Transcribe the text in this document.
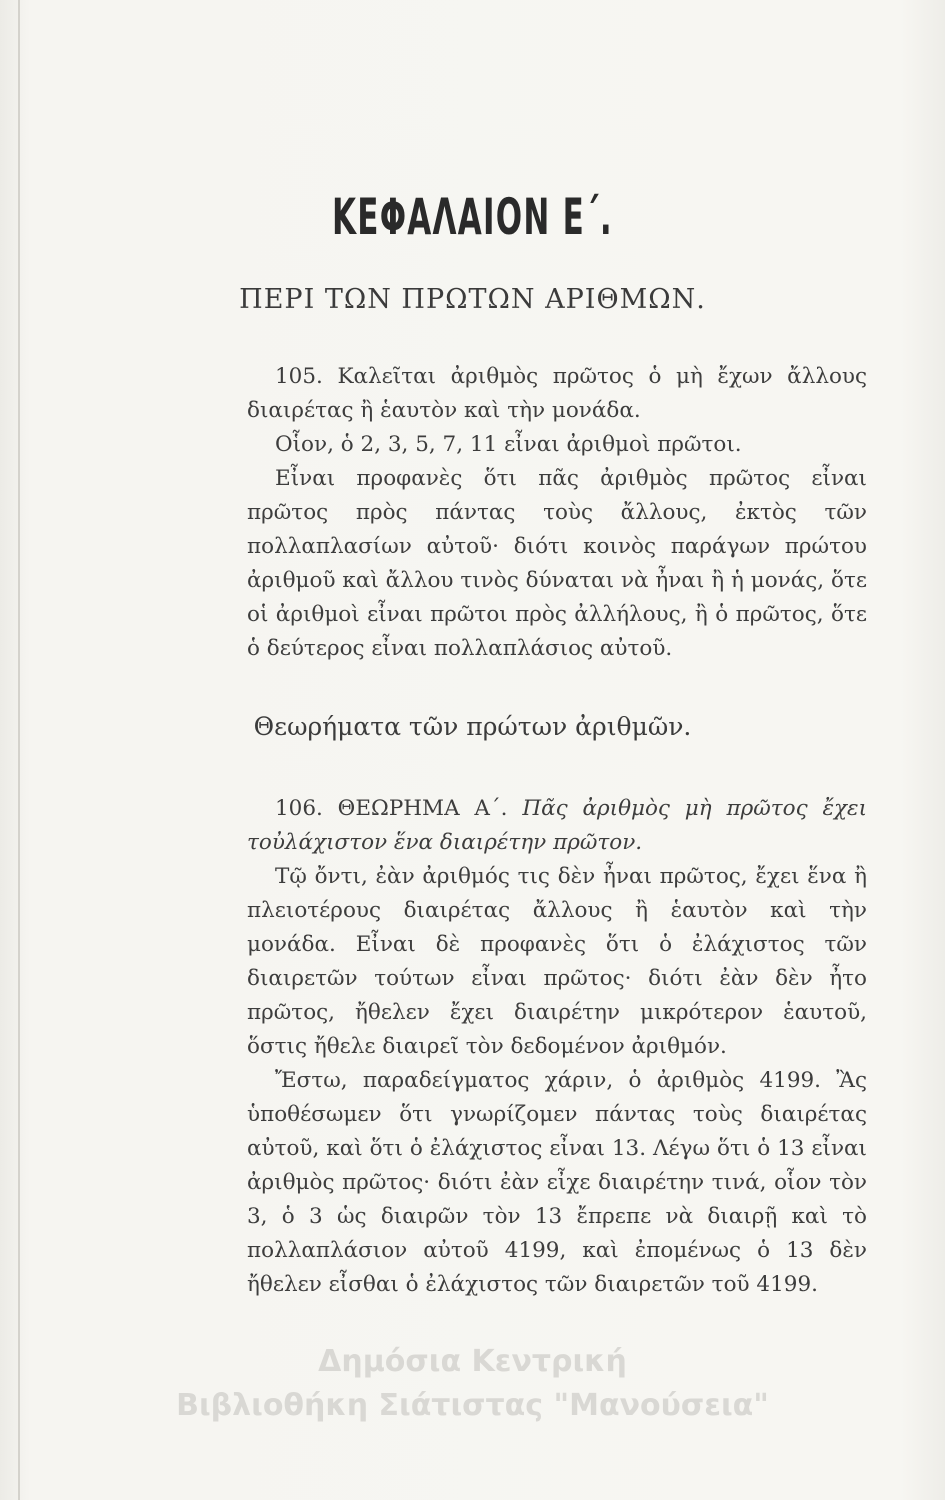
ΚΕΦΑΛΑΙΟΝ Ε΄.
ΠΕΡΙ ΤΩΝ ΠΡΩΤΩΝ ΑΡΙΘΜΩΝ.

105. Καλεῖται ἀριθμὸς πρῶτος ὁ μὴ ἔχων ἄλλους διαιρέτας ἢ ἑαυτὸν καὶ τὴν μονάδα.

Οἷον, ὁ 2, 3, 5, 7, 11 εἶναι ἀριθμοὶ πρῶτοι.

Εἶναι προφανὲς ὅτι πᾶς ἀριθμὸς πρῶτος εἶναι πρῶτος πρὸς πάντας τοὺς ἄλλους, ἐκτὸς τῶν πολλαπλασίων αὐτοῦ· διότι κοινὸς παράγων πρώτου ἀριθμοῦ καὶ ἄλλου τινὸς δύναται νὰ ἦναι ἢ ἡ μονάς, ὅτε οἱ ἀριθμοὶ εἶναι πρῶτοι πρὸς ἀλλήλους, ἢ ὁ πρῶτος, ὅτε ὁ δεύτερος εἶναι πολλαπλάσιος αὐτοῦ.

Θεωρήματα τῶν πρώτων ἀριθμῶν.

106. ΘΕΩΡΗΜΑ Α΄. Πᾶς ἀριθμὸς μὴ πρῶτος ἔχει τοὐλάχιστον ἕνα διαιρέτην πρῶτον.

Τῷ ὄντι, ἐὰν ἀριθμός τις δὲν ἦναι πρῶτος, ἔχει ἕνα ἢ πλειοτέρους διαιρέτας ἄλλους ἢ ἑαυτὸν καὶ τὴν μονάδα. Εἶναι δὲ προφανὲς ὅτι ὁ ἐλάχιστος τῶν διαιρετῶν τούτων εἶναι πρῶτος· διότι ἐὰν δὲν ἦτο πρῶτος, ἤθελεν ἔχει διαιρέτην μικρότερον ἑαυτοῦ, ὅστις ἤθελε διαιρεῖ τὸν δεδομένον ἀριθμόν.

Ἔστω, παραδείγματος χάριν, ὁ ἀριθμὸς 4199. Ἂς ὑποθέσωμεν ὅτι γνωρίζομεν πάντας τοὺς διαιρέτας αὐτοῦ, καὶ ὅτι ὁ ἐλάχιστος εἶναι 13. Λέγω ὅτι ὁ 13 εἶναι ἀριθμὸς πρῶτος· διότι ἐὰν εἶχε διαιρέτην τινά, οἷον τὸν 3, ὁ 3 ὡς διαιρῶν τὸν 13 ἔπρεπε νὰ διαιρῇ καὶ τὸ πολλαπλάσιον αὐτοῦ 4199, καὶ ἐπομένως ὁ 13 δὲν ἤθελεν εἶσθαι ὁ ἐλάχιστος τῶν διαιρετῶν τοῦ 4199.

Δημόσια Κεντρική
Βιβλιοθήκη Σιάτιστας "Μανούσεια"
